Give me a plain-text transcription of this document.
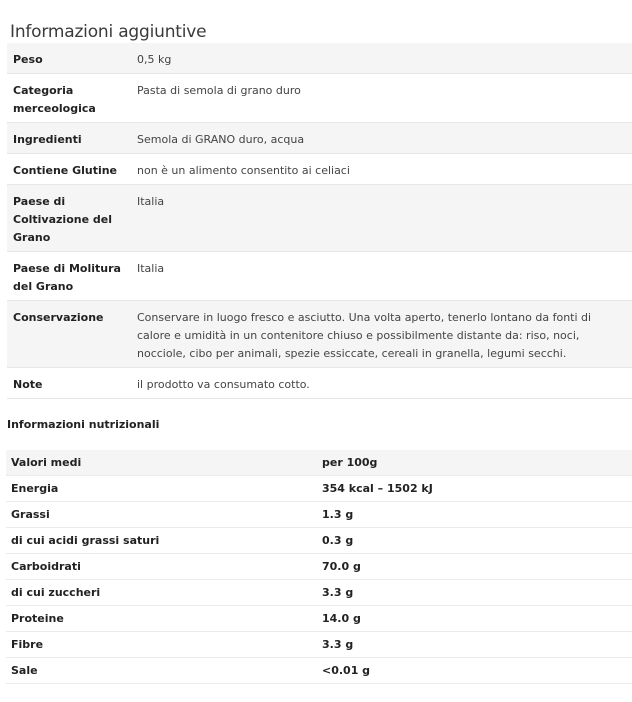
Informazioni aggiuntive
Peso	0,5 kg
Categoria merceologica	Pasta di semola di grano duro
Ingredienti	Semola di GRANO duro, acqua
Contiene Glutine	non è un alimento consentito ai celiaci
Paese di Coltivazione del Grano	Italia
Paese di Molitura del Grano	Italia
Conservazione	Conservare in luogo fresco e asciutto. Una volta aperto, tenerlo lontano da fonti di calore e umidità in un contenitore chiuso e possibilmente distante da: riso, noci, nocciole, cibo per animali, spezie essiccate, cereali in granella, legumi secchi.
Note	il prodotto va consumato cotto.
Informazioni nutrizionali
Valori medi	per 100g
Energia	354 kcal – 1502 kJ
Grassi	1.3 g
di cui acidi grassi saturi	0.3 g
Carboidrati	70.0 g
di cui zuccheri	3.3 g
Proteine	14.0 g
Fibre	3.3 g
Sale	<0.01 g
